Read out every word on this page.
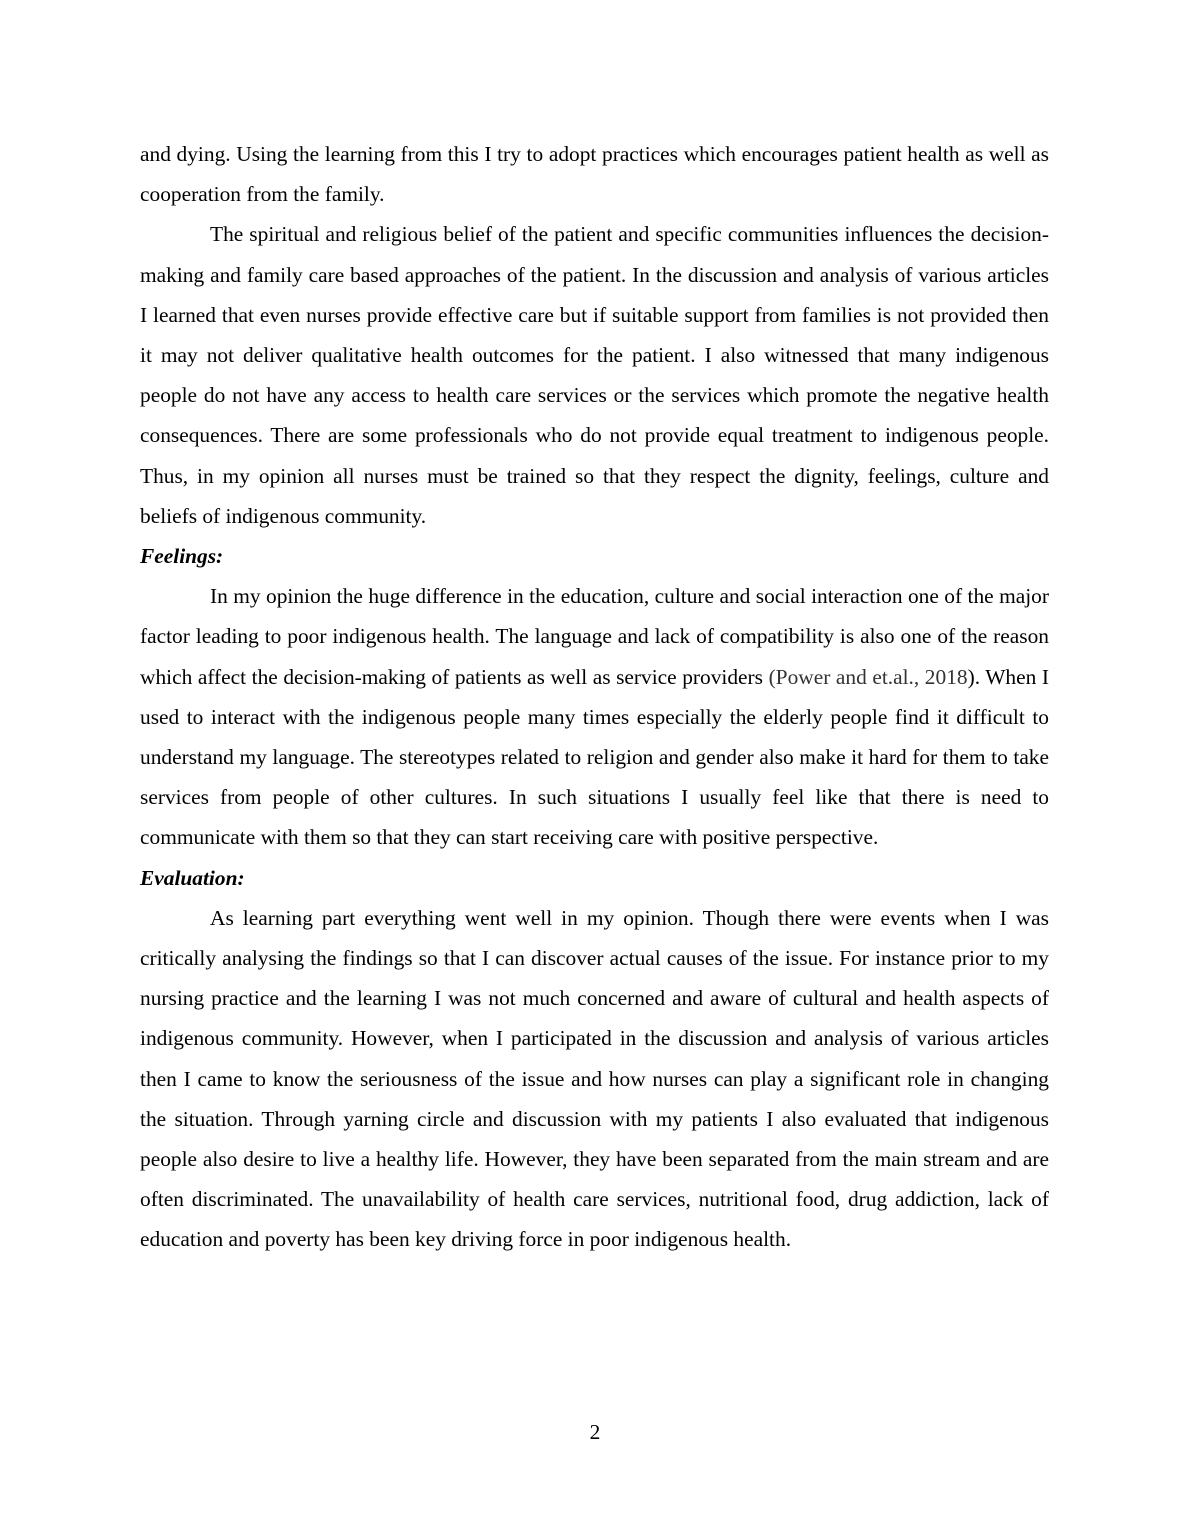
and dying. Using the learning from this I try to adopt practices which encourages patient health as well as cooperation from the family.

The spiritual and religious belief of the patient and specific communities influences the decision-making and family care based approaches of the patient. In the discussion and analysis of various articles I learned that even nurses provide effective care but if suitable support from families is not provided then it may not deliver qualitative health outcomes for the patient. I also witnessed that many indigenous people do not have any access to health care services or the services which promote the negative health consequences. There are some professionals who do not provide equal treatment to indigenous people. Thus, in my opinion all nurses must be trained so that they respect the dignity, feelings, culture and beliefs of indigenous community.

Feelings:

In my opinion the huge difference in the education, culture and social interaction one of the major factor leading to poor indigenous health. The language and lack of compatibility is also one of the reason which affect the decision-making of patients as well as service providers (Power and et.al., 2018). When I used to interact with the indigenous people many times especially the elderly people find it difficult to understand my language. The stereotypes related to religion and gender also make it hard for them to take services from people of other cultures. In such situations I usually feel like that there is need to communicate with them so that they can start receiving care with positive perspective.

Evaluation:

As learning part everything went well in my opinion. Though there were events when I was critically analysing the findings so that I can discover actual causes of the issue. For instance prior to my nursing practice and the learning I was not much concerned and aware of cultural and health aspects of indigenous community. However, when I participated in the discussion and analysis of various articles then I came to know the seriousness of the issue and how nurses can play a significant role in changing the situation. Through yarning circle and discussion with my patients I also evaluated that indigenous people also desire to live a healthy life. However, they have been separated from the main stream and are often discriminated. The unavailability of health care services, nutritional food, drug addiction, lack of education and poverty has been key driving force in poor indigenous health.

2
